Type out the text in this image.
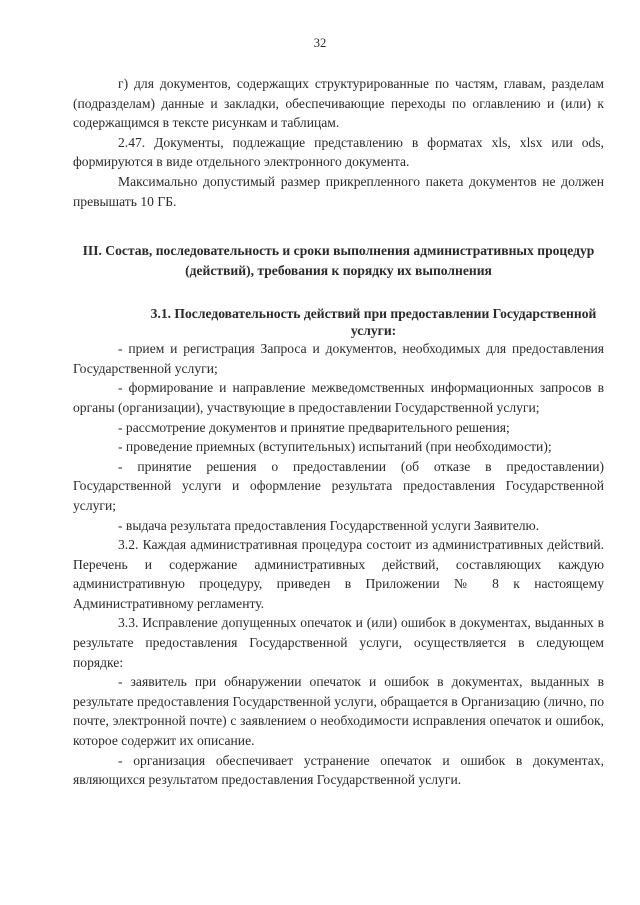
32

г) для документов, содержащих структурированные по частям, главам, разделам (подразделам) данные и закладки, обеспечивающие переходы по оглавлению и (или) к содержащимся в тексте рисункам и таблицам.

2.47. Документы, подлежащие представлению в форматах xls, xlsx или ods, формируются в виде отдельного электронного документа.

Максимально допустимый размер прикрепленного пакета документов не должен превышать 10 ГБ.

III. Состав, последовательность и сроки выполнения административных процедур (действий), требования к порядку их выполнения
3.1. Последовательность действий при предоставлении Государственной услуги:

- прием и регистрация Запроса и документов, необходимых для предоставления Государственной услуги;

- формирование и направление межведомственных информационных запросов в органы (организации), участвующие в предоставлении Государственной услуги;

- рассмотрение документов и принятие предварительного решения;

- проведение приемных (вступительных) испытаний (при необходимости);

- принятие решения о предоставлении (об отказе в предоставлении) Государственной услуги и оформление результата предоставления Государственной услуги;

- выдача результата предоставления Государственной услуги Заявителю.

3.2. Каждая административная процедура состоит из административных действий. Перечень и содержание административных действий, составляющих каждую административную процедуру, приведен в Приложении № 8 к настоящему Административному регламенту.

3.3. Исправление допущенных опечаток и (или) ошибок в документах, выданных в результате предоставления Государственной услуги, осуществляется в следующем порядке:

- заявитель при обнаружении опечаток и ошибок в документах, выданных в результате предоставления Государственной услуги, обращается в Организацию (лично, по почте, электронной почте) с заявлением о необходимости исправления опечаток и ошибок, которое содержит их описание.

- организация обеспечивает устранение опечаток и ошибок в документах, являющихся результатом предоставления Государственной услуги.
